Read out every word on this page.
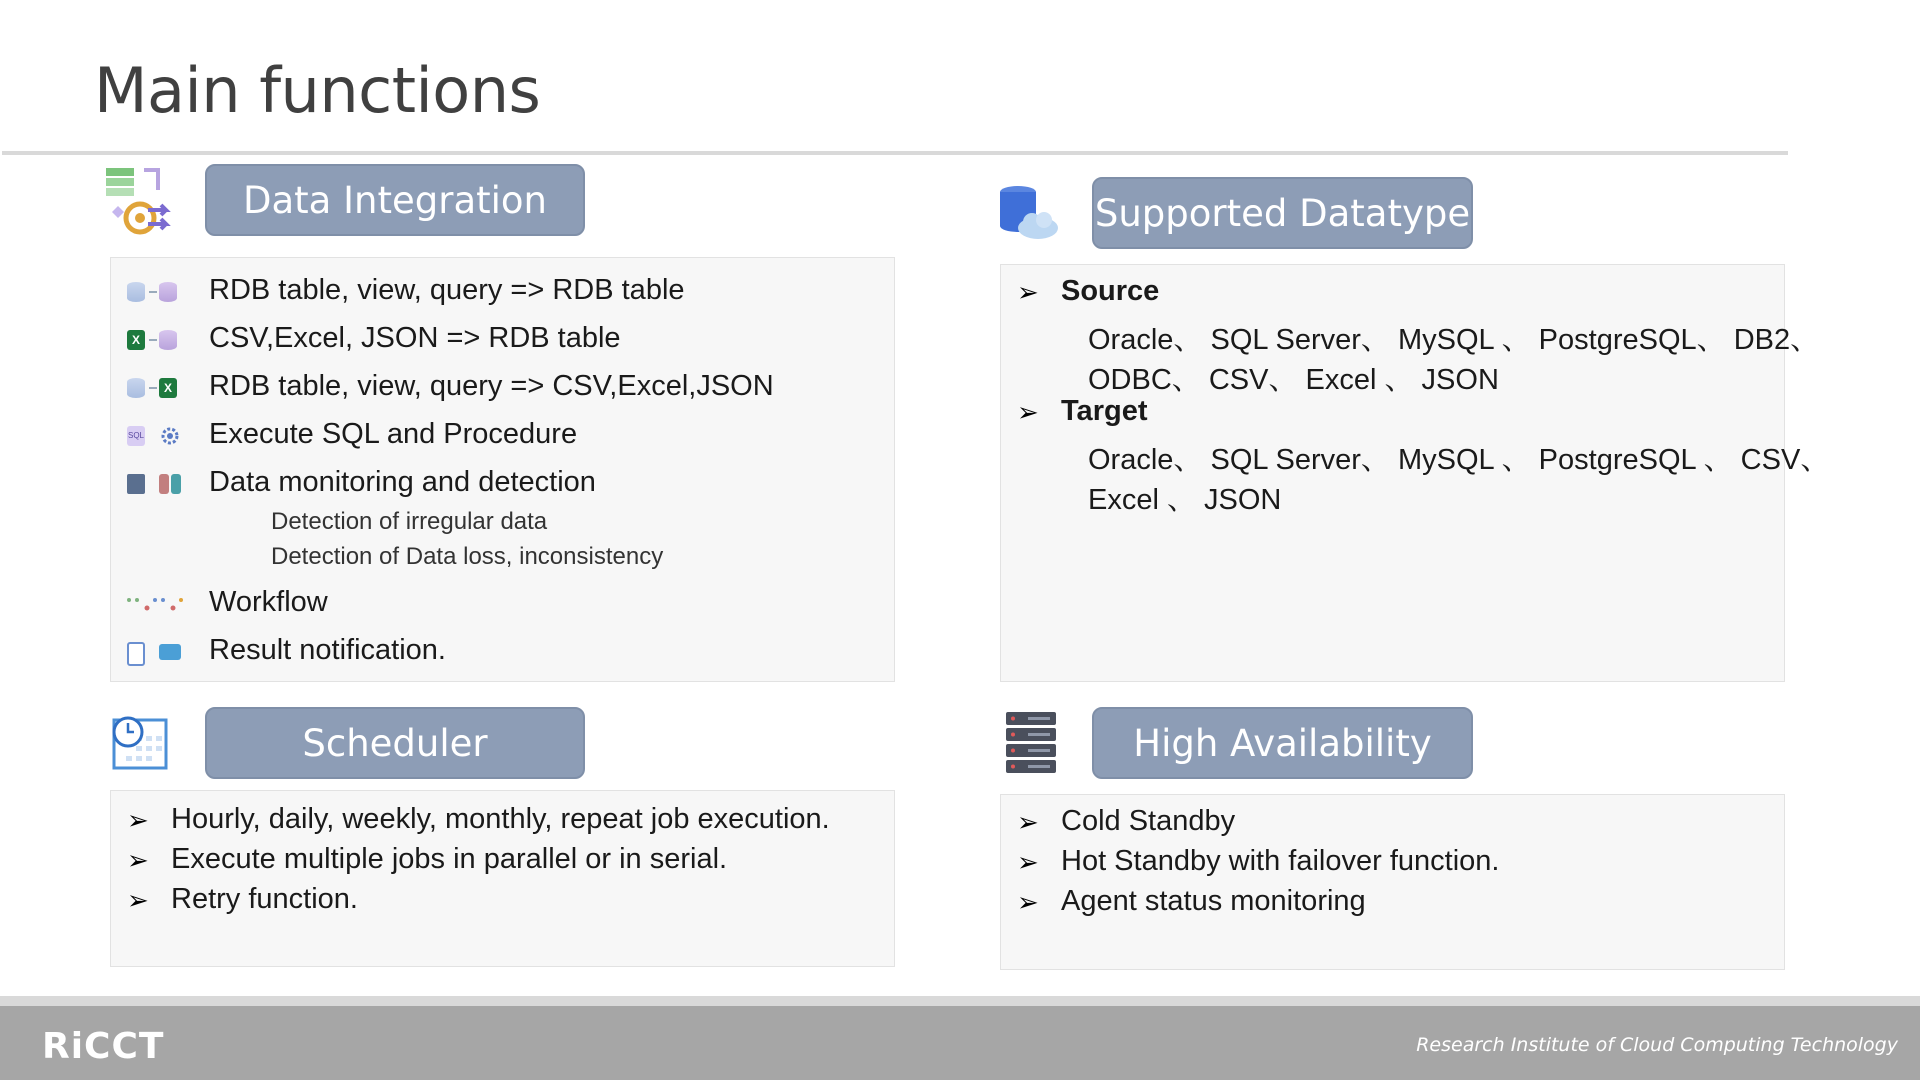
Main functions
Data Integration
RDB table, view, query => RDB table
X CSV,Excel, JSON => RDB table
X RDB table, view, query => CSV,Excel,JSON
SQL Execute SQL and Procedure
Data monitoring and detection
Detection of irregular data
Detection of Data loss, inconsistency
Workflow
Result notification.
Supported Datatype
➢ Source
Oracle、 SQL Server、 MySQL 、 PostgreSQL、 DB2、
ODBC、 CSV、 Excel 、 JSON
➢ Target
Oracle、 SQL Server、 MySQL 、 PostgreSQL 、 CSV、
Excel 、 JSON
Scheduler
➢ Hourly, daily, weekly, monthly, repeat job execution.
➢ Execute multiple jobs in parallel or in serial.
➢ Retry function.
High Availability
➢ Cold Standby
➢ Hot Standby with failover function.
➢ Agent status monitoring
RiCCT	Research Institute of Cloud Computing Technology
